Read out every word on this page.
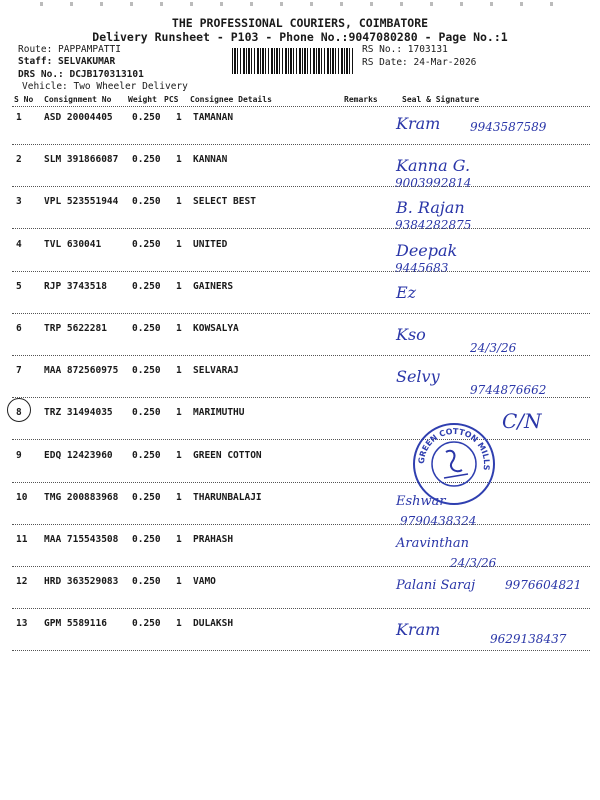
THE PROFESSIONAL COURIERS, COIMBATORE
Delivery Runsheet - P103 - Phone No.:9047080280 - Page No.:1
Route: PAPPAMPATTI
Staff: SELVAKUMAR
DRS No.: DCJB170313101
Vehicle: Two Wheeler Delivery
RS No.: 1703131
RS Date: 24-Mar-2026
S No Consignment No Weight PCS Consignee Details	Remarks	Seal & Signature
1 ASD 20004405 0.250 1 TAMANAN	Kram 9943587589
2 SLM 391866087 0.250 1 KANNAN	Kanna G.
9003992814
3 VPL 523551944 0.250 1 SELECT BEST	B. Rajan
9384282875
4 TVL 630041	0.250 1 UNITED	Deepak
9445683
5 RJP 3743518	0.250 1 GAINERS	Ez
6 TRP 5622281	0.250 1 KOWSALYA	Kso
24/3/26
7 MAA 872560975 0.250 1 SELVARAJ	Selvy
9744876662
8 TRZ 31494035 0.250 1 MARIMUTHU	C/N
9 EDQ 12423960 0.250 1 GREEN COTTON
10 TMG 200883968 0.250 1 THARUNBALAJI	Eshwar
9790438324
11 MAA 715543508 0.250 1 PRAHASH	Aravinthan
24/3/26
12 HRD 363529083 0.250 1 VAMO	Palani Saraj 9976604821
13 GPM 5589116	0.250 1 DULAKSH	Kram	9629138437
GREEN COTTON MILLS
